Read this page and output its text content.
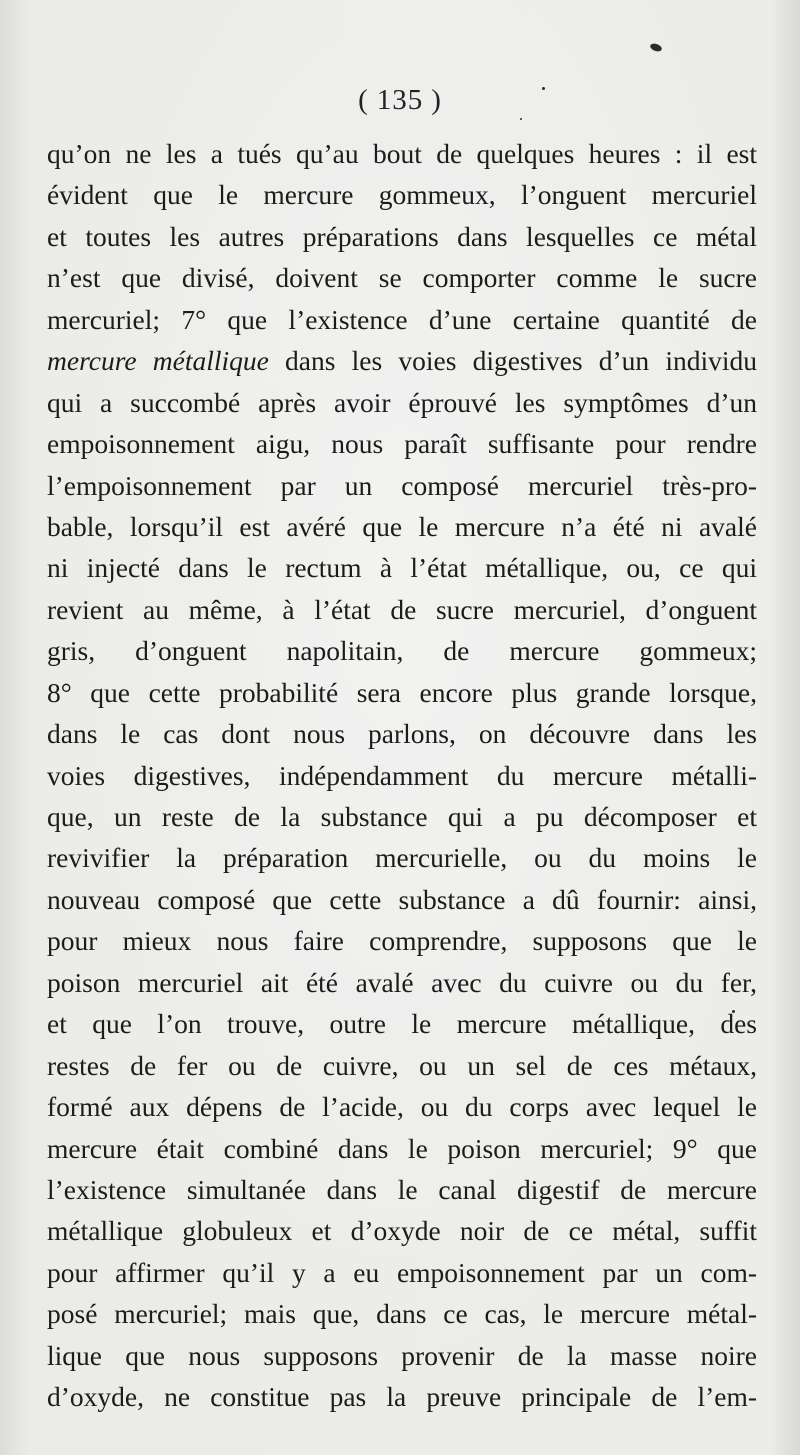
( 135 )
qu’on ne les a tués qu’au bout de quelques heures : il est
évident que le mercure gommeux, l’onguent mercuriel
et toutes les autres préparations dans lesquelles ce métal
n’est que divisé, doivent se comporter comme le sucre
mercuriel; 7° que l’existence d’une certaine quantité de
mercure métallique dans les voies digestives d’un individu
qui a succombé après avoir éprouvé les symptômes d’un
empoisonnement aigu, nous paraît suffisante pour rendre
l’empoisonnement par un composé mercuriel très-pro-
bable, lorsqu’il est avéré que le mercure n’a été ni avalé
ni injecté dans le rectum à l’état métallique, ou, ce qui
revient au même, à l’état de sucre mercuriel, d’onguent
gris, d’onguent napolitain, de mercure gommeux;
8° que cette probabilité sera encore plus grande lorsque,
dans le cas dont nous parlons, on découvre dans les
voies digestives, indépendamment du mercure métalli-
que, un reste de la substance qui a pu décomposer et
revivifier la préparation mercurielle, ou du moins le
nouveau composé que cette substance a dû fournir: ainsi,
pour mieux nous faire comprendre, supposons que le
poison mercuriel ait été avalé avec du cuivre ou du fer,
et que l’on trouve, outre le mercure métallique, des
restes de fer ou de cuivre, ou un sel de ces métaux,
formé aux dépens de l’acide, ou du corps avec lequel le
mercure était combiné dans le poison mercuriel; 9° que
l’existence simultanée dans le canal digestif de mercure
métallique globuleux et d’oxyde noir de ce métal, suffit
pour affirmer qu’il y a eu empoisonnement par un com-
posé mercuriel; mais que, dans ce cas, le mercure métal-
lique que nous supposons provenir de la masse noire
d’oxyde, ne constitue pas la preuve principale de l’em-
